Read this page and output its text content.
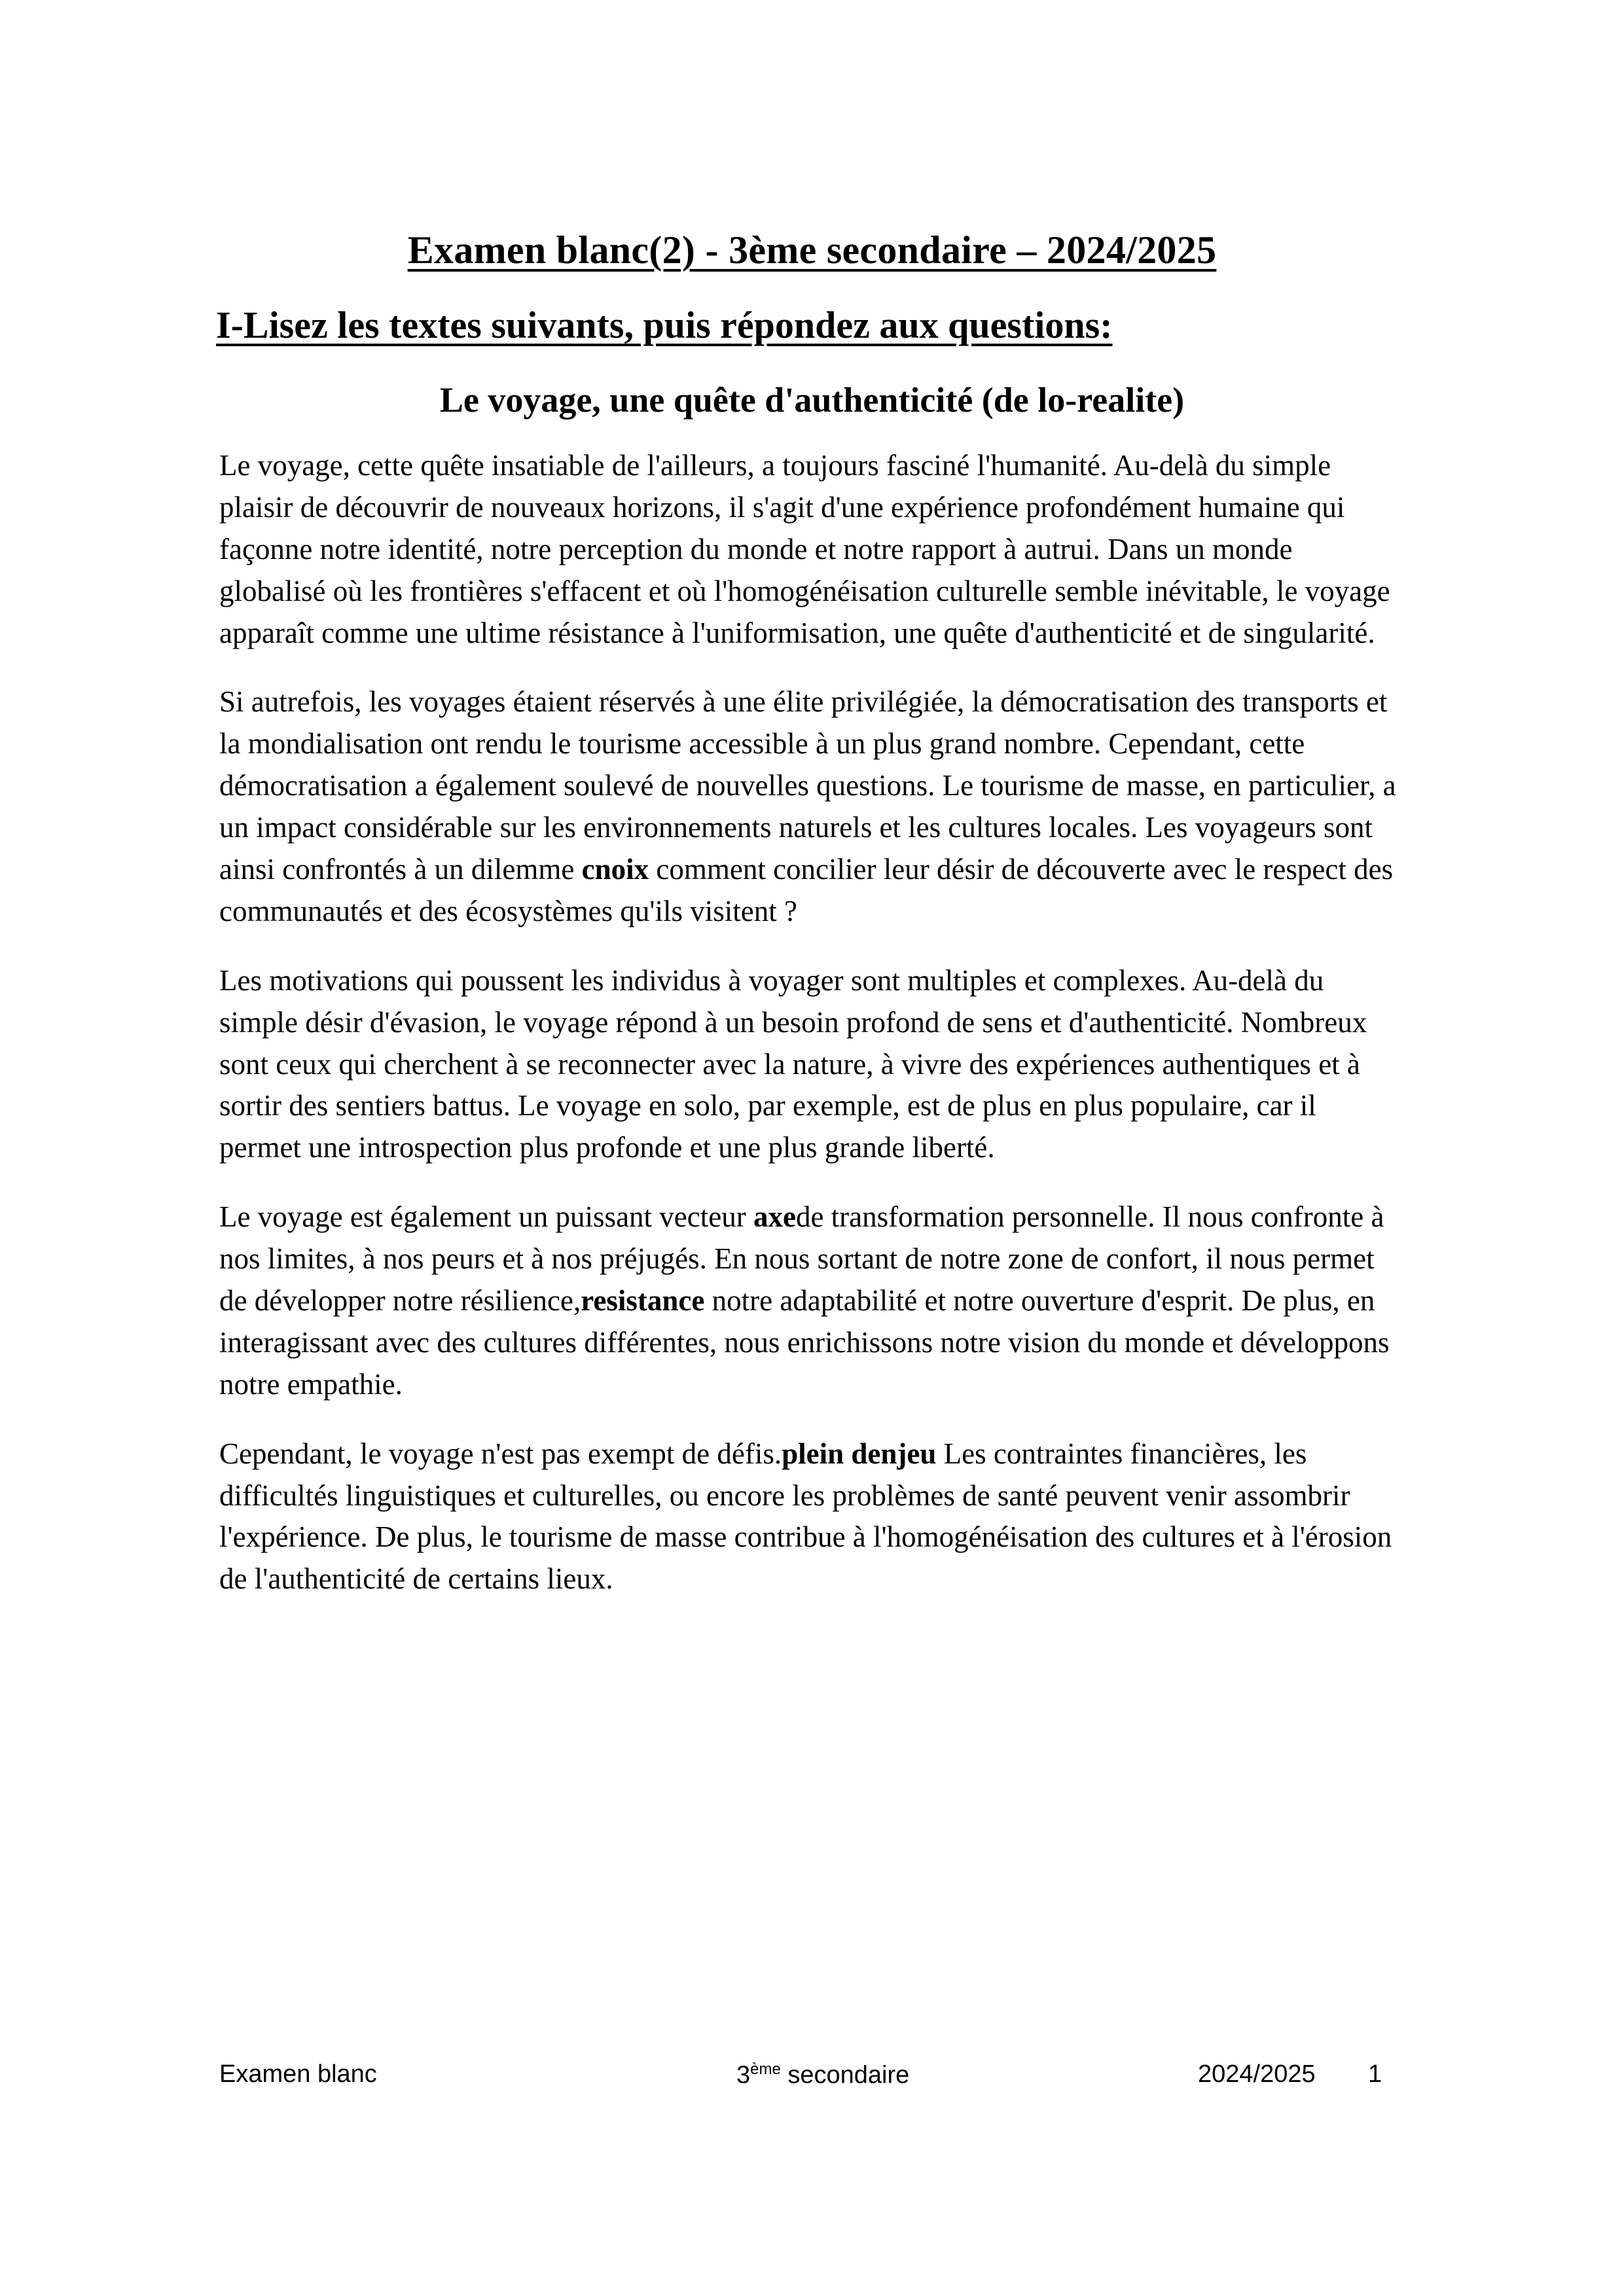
Examen blanc(2) - 3ème secondaire – 2024/2025
I-Lisez les textes suivants, puis répondez aux questions:
Le voyage, une quête d'authenticité (de lo-realite)

Le voyage, cette quête insatiable de l'ailleurs, a toujours fasciné l'humanité. Au-delà du simple plaisir de découvrir de nouveaux horizons, il s'agit d'une expérience profondément humaine qui façonne notre identité, notre perception du monde et notre rapport à autrui. Dans un monde globalisé où les frontières s'effacent et où l'homogénéisation culturelle semble inévitable, le voyage apparaît comme une ultime résistance à l'uniformisation, une quête d'authenticité et de singularité.

Si autrefois, les voyages étaient réservés à une élite privilégiée, la démocratisation des transports et la mondialisation ont rendu le tourisme accessible à un plus grand nombre. Cependant, cette démocratisation a également soulevé de nouvelles questions. Le tourisme de masse, en particulier, a un impact considérable sur les environnements naturels et les cultures locales. Les voyageurs sont ainsi confrontés à un dilemme cnoix comment concilier leur désir de découverte avec le respect des communautés et des écosystèmes qu'ils visitent ?

Les motivations qui poussent les individus à voyager sont multiples et complexes. Au-delà du simple désir d'évasion, le voyage répond à un besoin profond de sens et d'authenticité. Nombreux sont ceux qui cherchent à se reconnecter avec la nature, à vivre des expériences authentiques et à sortir des sentiers battus. Le voyage en solo, par exemple, est de plus en plus populaire, car il permet une introspection plus profonde et une plus grande liberté.

Le voyage est également un puissant vecteur axede transformation personnelle. Il nous confronte à nos limites, à nos peurs et à nos préjugés. En nous sortant de notre zone de confort, il nous permet de développer notre résilience,resistance notre adaptabilité et notre ouverture d'esprit. De plus, en interagissant avec des cultures différentes, nous enrichissons notre vision du monde et développons notre empathie.

Cependant, le voyage n'est pas exempt de défis.plein denjeu Les contraintes financières, les difficultés linguistiques et culturelles, ou encore les problèmes de santé peuvent venir assombrir l'expérience. De plus, le tourisme de masse contribue à l'homogénéisation des cultures et à l'érosion de l'authenticité de certains lieux.

Examen blanc	3ème secondaire	2024/2025 1
